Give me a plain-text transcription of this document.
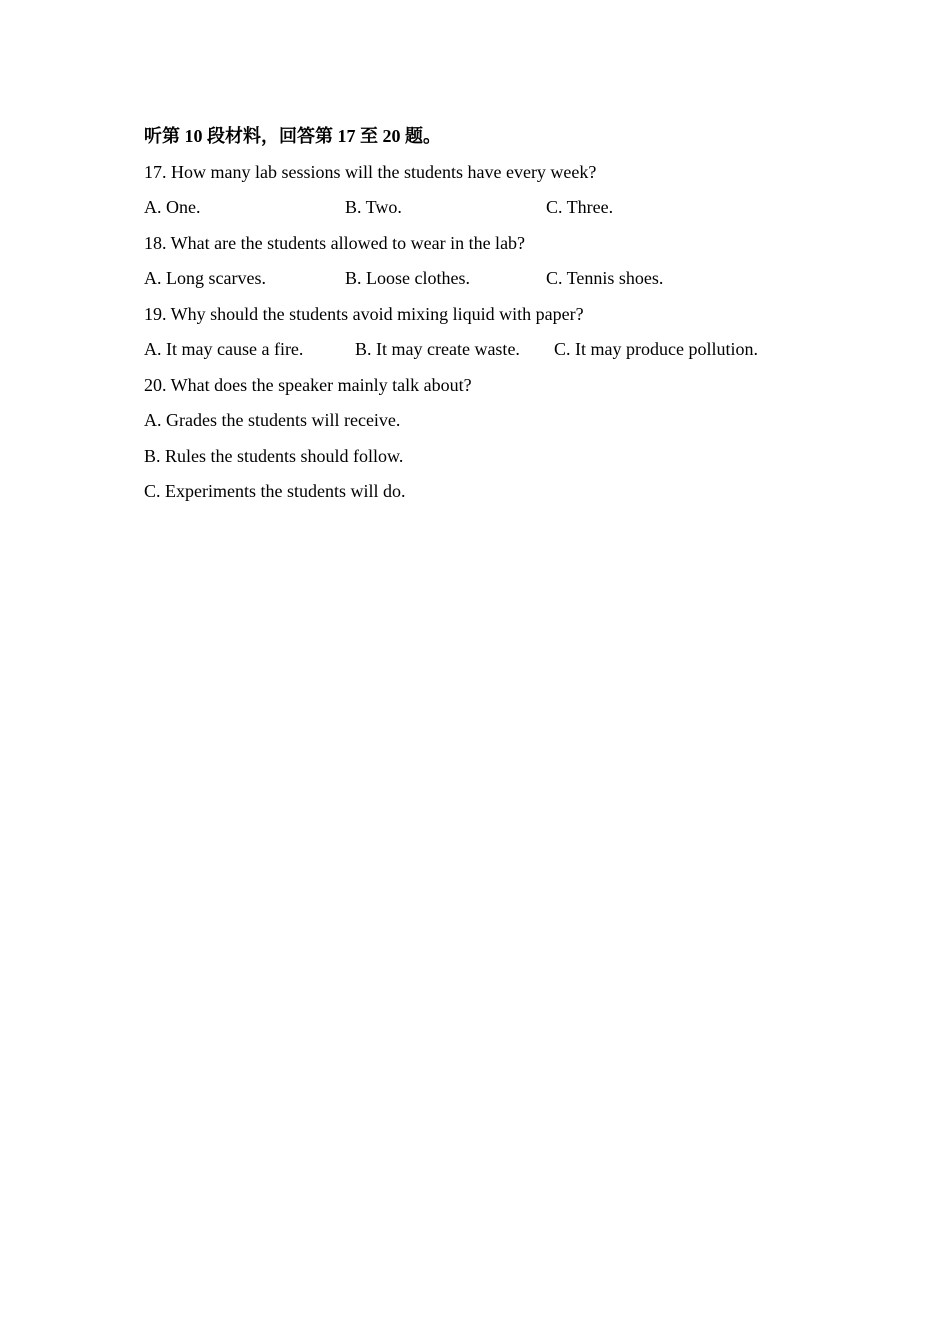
听第 10 段材料，回答第 17 至 20 题。
17. How many lab sessions will the students have every week?
A. One.	B. Two.	C. Three.
18. What are the students allowed to wear in the lab?
A. Long scarves.	B. Loose clothes.	C. Tennis shoes.
19. Why should the students avoid mixing liquid with paper?
A. It may cause a fire.	B. It may create waste. C. It may produce pollution.
20. What does the speaker mainly talk about?
A. Grades the students will receive.
B. Rules the students should follow.
C. Experiments the students will do.
